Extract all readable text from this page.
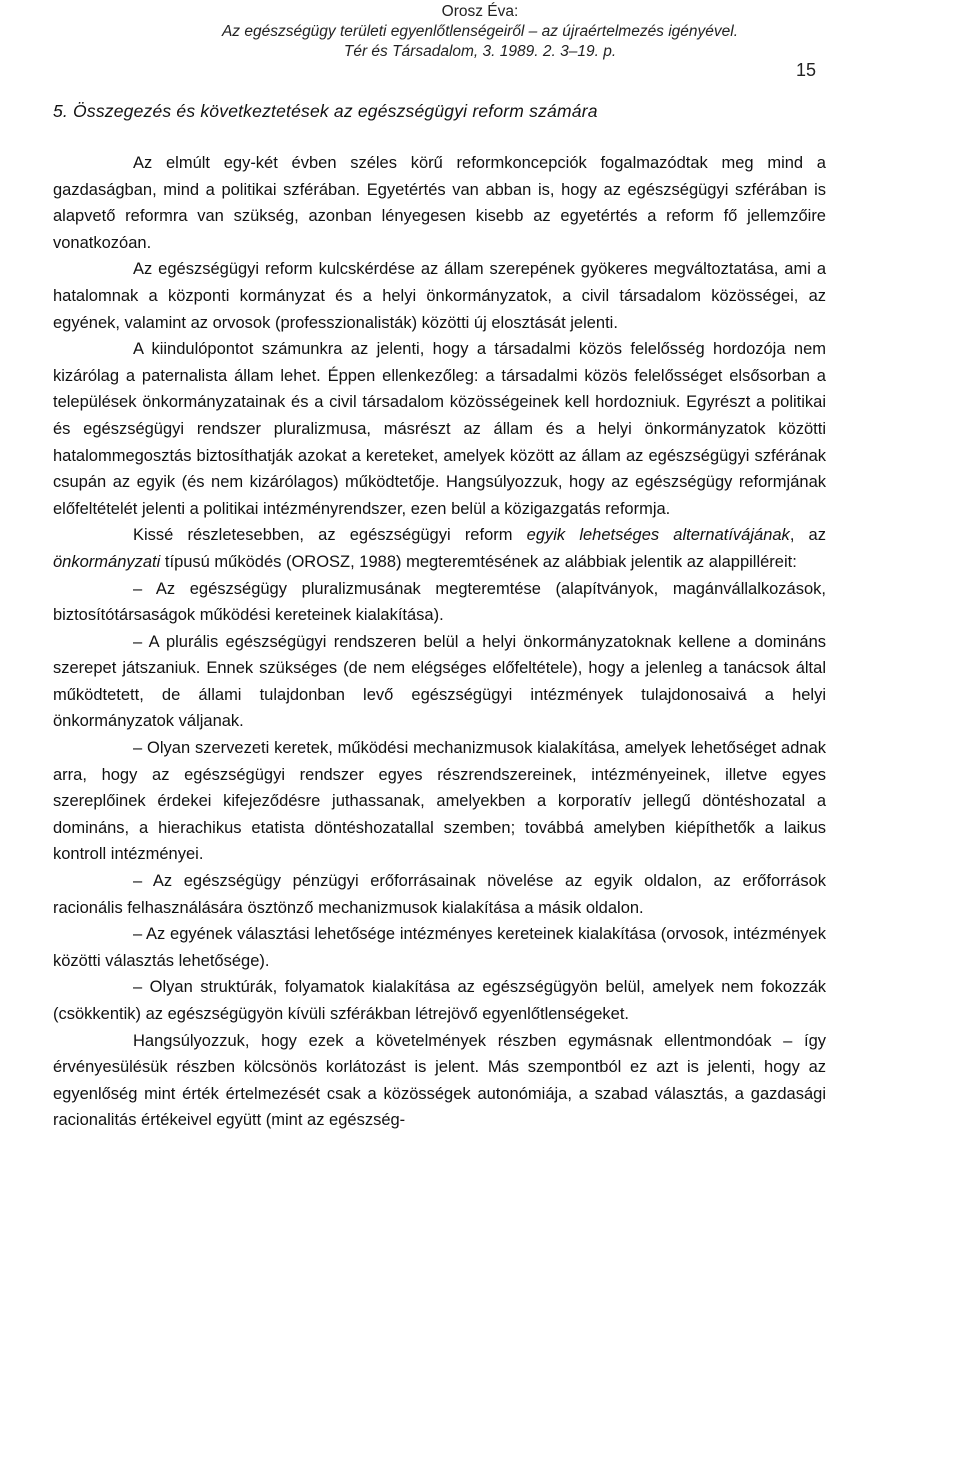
Orosz Éva:
Az egészségügy területi egyenlőtlenségeiről – az újraértelmezés igényével.
Tér és Társadalom, 3. 1989. 2. 3–19. p.
15
5. Összegezés és következtetések az egészségügyi reform számára

Az elmúlt egy-két évben széles körű reformkoncepciók fogalmazódtak meg mind a gazdaságban, mind a politikai szférában. Egyetértés van abban is, hogy az egészségügyi szférában is alapvető reformra van szükség, azonban lényegesen kisebb az egyetértés a reform fő jellemzőire vonatkozóan.

Az egészségügyi reform kulcskérdése az állam szerepének gyökeres megváltoztatása, ami a hatalomnak a központi kormányzat és a helyi önkormányzatok, a civil társadalom közösségei, az egyének, valamint az orvosok (professzionalisták) közötti új elosztását jelenti.

A kiindulópontot számunkra az jelenti, hogy a társadalmi közös felelősség hordozója nem kizárólag a paternalista állam lehet. Éppen ellenkezőleg: a társadalmi közös felelősséget elsősorban a települések önkormányzatainak és a civil társadalom közösségeinek kell hordozniuk. Egyrészt a politikai és egészségügyi rendszer pluralizmusa, másrészt az állam és a helyi önkormányzatok közötti hatalommegosztás biztosíthatják azokat a kereteket, amelyek között az állam az egészségügyi szférának csupán az egyik (és nem kizárólagos) működtetője. Hangsúlyozzuk, hogy az egészségügy reformjának előfeltételét jelenti a politikai intézményrendszer, ezen belül a közigazgatás reformja.

Kissé részletesebben, az egészségügyi reform egyik lehetséges alternatívájának, az önkormányzati típusú működés (OROSZ, 1988) megteremtésének az alábbiak jelentik az alappilléreit:

– Az egészségügy pluralizmusának megteremtése (alapítványok, magánvállalkozások, biztosítótársaságok működési kereteinek kialakítása).

– A plurális egészségügyi rendszeren belül a helyi önkormányzatoknak kellene a domináns szerepet játszaniuk. Ennek szükséges (de nem elégséges előfeltétele), hogy a jelenleg a tanácsok által működtetett, de állami tulajdonban levő egészségügyi intézmények tulajdonosaivá a helyi önkormányzatok váljanak.

– Olyan szervezeti keretek, működési mechanizmusok kialakítása, amelyek lehetőséget adnak arra, hogy az egészségügyi rendszer egyes részrendszereinek, intézményeinek, illetve egyes szereplőinek érdekei kifejeződésre juthassanak, amelyekben a korporatív jellegű döntéshozatal a domináns, a hierachikus etatista döntéshozatallal szemben; továbbá amelyben kiépíthetők a laikus kontroll intézményei.

– Az egészségügy pénzügyi erőforrásainak növelése az egyik oldalon, az erőforrások racionális felhasználására ösztönző mechanizmusok kialakítása a másik oldalon.

– Az egyének választási lehetősége intézményes kereteinek kialakítása (orvosok, intézmények közötti választás lehetősége).

– Olyan struktúrák, folyamatok kialakítása az egészségügyön belül, amelyek nem fokozzák (csökkentik) az egészségügyön kívüli szférákban létrejövő egyenlőtlenségeket.

Hangsúlyozzuk, hogy ezek a követelmények részben egymásnak ellentmondóak – így érvényesülésük részben kölcsönös korlátozást is jelent. Más szempontból ez azt is jelenti, hogy az egyenlőség mint érték értelmezését csak a közösségek autonómiája, a szabad választás, a gazdasági racionalitás értékeivel együtt (mint az egészség-
